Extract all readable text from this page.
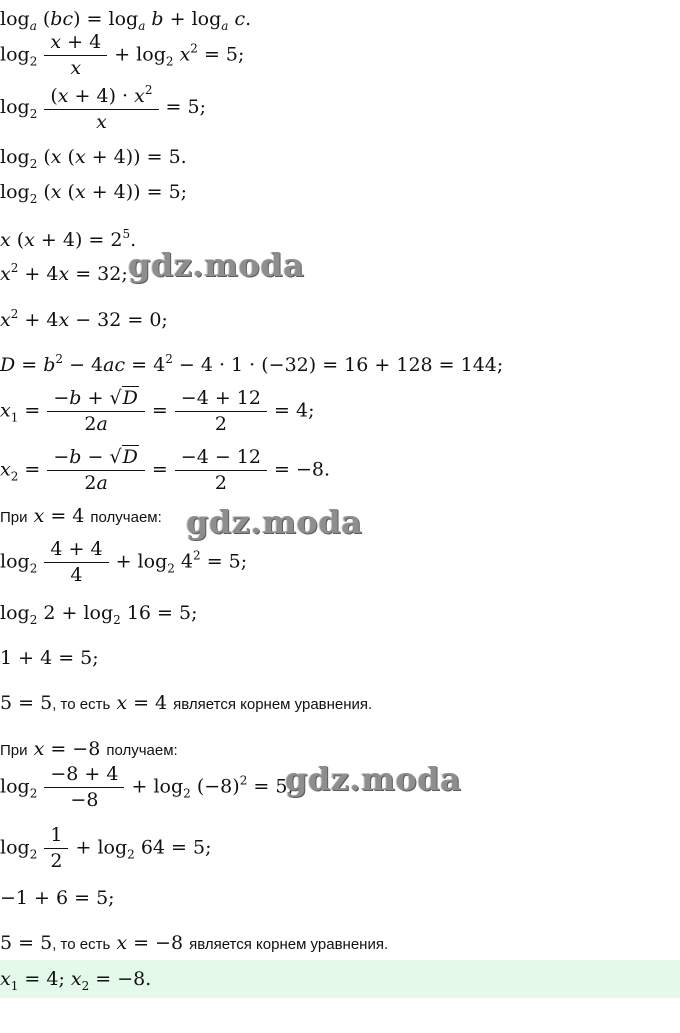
$\log_a (bc) = \log_a b + \log_a c$.
$\log_2 \frac{x + 4}{x} + \log_2 x^2 = 5$;
$\log_2 \frac{(x + 4) \cdot x^2}{x} = 5$;
$\log_2 (x$ (x + 4)) = 5.
$\log_2 (x$ (x + 4)) = 5;
x $(x + 4) = 2^5$.
$x^2 + 4x = 32$; gdz.moda
$x^2 + 4x - 32 = 0$;
$D = b^2 - 4ac = 4^2 - 4 \cdot 1 \cdot (-32) = 16 + 128 = 144$;
$x_1 = \frac{-b + √D}{2a} = \frac{-4 + 12}{2} = 4$;
$x_2 = \frac{-b - √D}{2a} = \frac{-4 - 12}{2} = -8$.
При x = 4 получаем: gdz.moda
$\log_2 \frac{4 + 4}{4} + \log_2 4^2 = 5$;
$\log_2 2 + \log_2 16 = 5$;
1 + 4 = 5;
5 = 5, то есть x = 4 является корнем уравнения.
При x = −8 получаем:
$\log_2 \frac{-8 + 4}{-8} + \log_2 (-8)^2 = 5$;
gdz.moda
$\log_2 \frac{1}{2} + \log_2 64 = 5$;
−1 + 6 = 5;
5 = 5, то есть x = −8 является корнем уравнения.
$x_1 = 4$; $x_2 = -8$.
